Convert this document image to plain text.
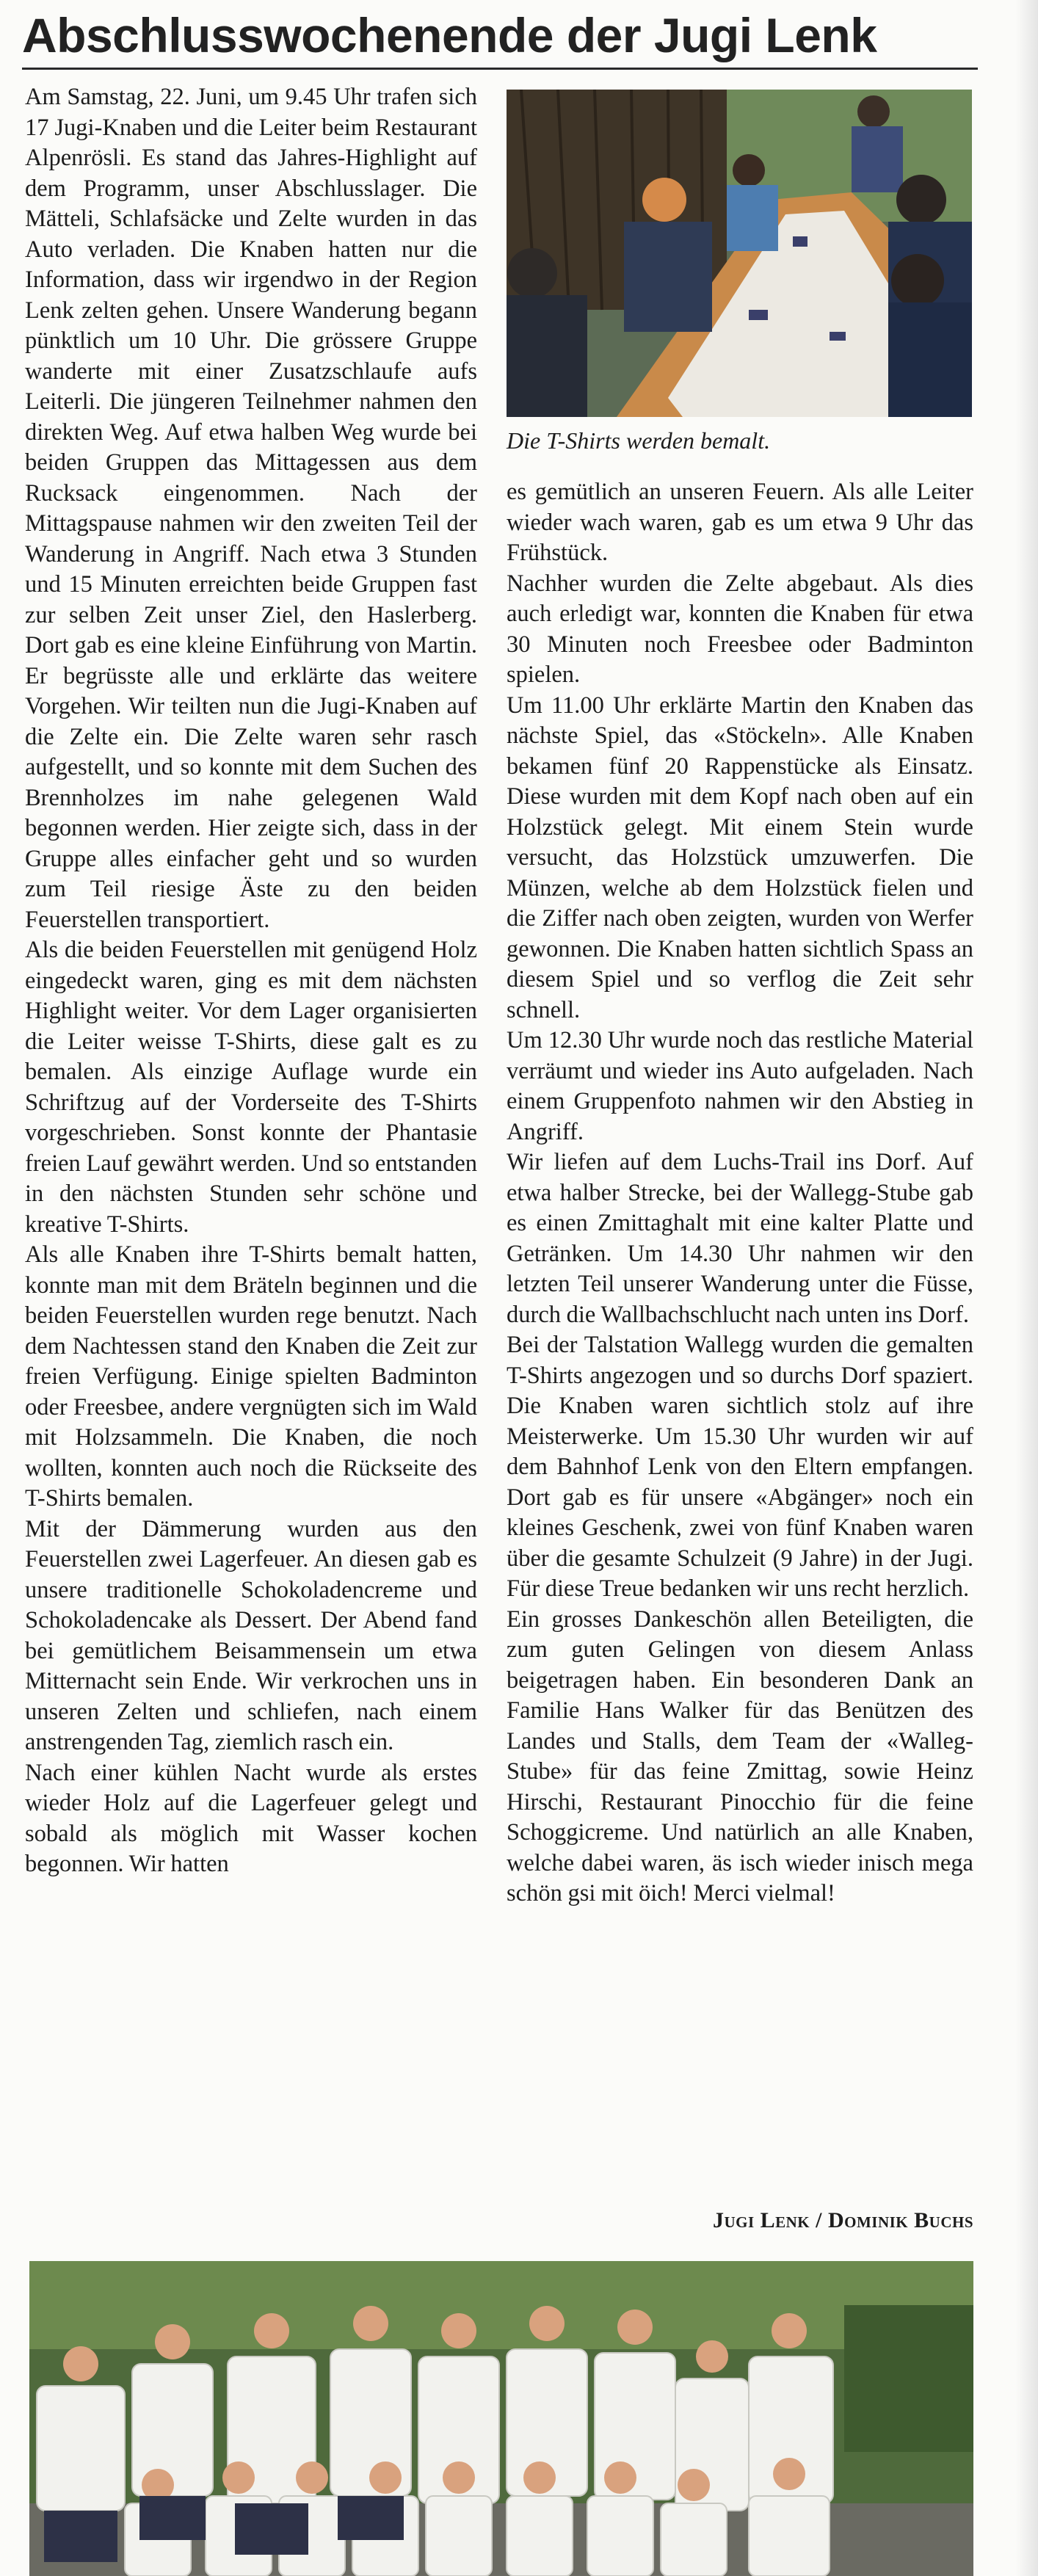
Abschlusswochenende der Jugi Lenk

Am Samstag, 22. Juni, um 9.45 Uhr trafen sich 17 Jugi-Knaben und die Leiter beim Restaurant Alpenrösli. Es stand das Jahres-Highlight auf dem Programm, unser Abschlusslager. Die Mätteli, Schlafsäcke und Zelte wurden in das Auto verladen. Die Knaben hatten nur die Information, dass wir irgendwo in der Region Lenk zelten gehen. Unsere Wanderung begann pünktlich um 10 Uhr. Die grössere Gruppe wanderte mit einer Zusatzschlaufe aufs Leiterli. Die jüngeren Teilnehmer nahmen den direkten Weg. Auf etwa halben Weg wurde bei beiden Gruppen das Mittagessen aus dem Rucksack eingenommen. Nach der Mittagspause nahmen wir den zweiten Teil der Wanderung in Angriff. Nach etwa 3 Stunden und 15 Minuten erreichten beide Gruppen fast zur selben Zeit unser Ziel, den Haslerberg. Dort gab es eine kleine Einführung von Martin. Er begrüsste alle und erklärte das weitere Vorgehen. Wir teilten nun die Jugi-Knaben auf die Zelte ein. Die Zelte waren sehr rasch aufgestellt, und so konnte mit dem Suchen des Brennholzes im nahe gelegenen Wald begonnen werden. Hier zeigte sich, dass in der Gruppe alles einfacher geht und so wurden zum Teil riesige Äste zu den beiden Feuerstellen transportiert.

Als die beiden Feuerstellen mit genügend Holz eingedeckt waren, ging es mit dem nächsten Highlight weiter. Vor dem Lager organisierten die Leiter weisse T-Shirts, diese galt es zu bemalen. Als einzige Auflage wurde ein Schriftzug auf der Vorderseite des T-Shirts vorgeschrieben. Sonst konnte der Phantasie freien Lauf gewährt werden. Und so entstanden in den nächsten Stunden sehr schöne und kreative T-Shirts.

Als alle Knaben ihre T-Shirts bemalt hatten, konnte man mit dem Bräteln beginnen und die beiden Feuerstellen wurden rege benutzt. Nach dem Nachtessen stand den Knaben die Zeit zur freien Verfügung. Einige spielten Badminton oder Freesbee, andere vergnügten sich im Wald mit Holzsammeln. Die Knaben, die noch wollten, konnten auch noch die Rückseite des T-Shirts bemalen.

Mit der Dämmerung wurden aus den Feuerstellen zwei Lagerfeuer. An diesen gab es unsere traditionelle Schokoladencreme und Schokoladencake als Dessert. Der Abend fand bei gemütlichem Beisammensein um etwa Mitternacht sein Ende. Wir verkrochen uns in unseren Zelten und schliefen, nach einem anstrengenden Tag, ziemlich rasch ein.

Nach einer kühlen Nacht wurde als erstes wieder Holz auf die Lagerfeuer gelegt und sobald als möglich mit Wasser kochen begonnen. Wir hatten

Die T-Shirts werden bemalt.

es gemütlich an unseren Feuern. Als alle Leiter wieder wach waren, gab es um etwa 9 Uhr das Frühstück.

Nachher wurden die Zelte abgebaut. Als dies auch erledigt war, konnten die Knaben für etwa 30 Minuten noch Freesbee oder Badminton spielen.

Um 11.00 Uhr erklärte Martin den Knaben das nächste Spiel, das «Stöckeln». Alle Knaben bekamen fünf 20 Rappenstücke als Einsatz. Diese wurden mit dem Kopf nach oben auf ein Holzstück gelegt. Mit einem Stein wurde versucht, das Holzstück umzuwerfen. Die Münzen, welche ab dem Holzstück fielen und die Ziffer nach oben zeigten, wurden von Werfer gewonnen. Die Knaben hatten sichtlich Spass an diesem Spiel und so verflog die Zeit sehr schnell.

Um 12.30 Uhr wurde noch das restliche Material verräumt und wieder ins Auto aufgeladen. Nach einem Gruppenfoto nahmen wir den Abstieg in Angriff.

Wir liefen auf dem Luchs-Trail ins Dorf. Auf etwa halber Strecke, bei der Wallegg-Stube gab es einen Zmittaghalt mit eine kalter Platte und Getränken. Um 14.30 Uhr nahmen wir den letzten Teil unserer Wanderung unter die Füsse, durch die Wallbachschlucht nach unten ins Dorf.

Bei der Talstation Wallegg wurden die gemalten T-Shirts angezogen und so durchs Dorf spaziert. Die Knaben waren sichtlich stolz auf ihre Meisterwerke. Um 15.30 Uhr wurden wir auf dem Bahnhof Lenk von den Eltern empfangen. Dort gab es für unsere «Abgänger» noch ein kleines Geschenk, zwei von fünf Knaben waren über die gesamte Schulzeit (9 Jahre) in der Jugi. Für diese Treue bedanken wir uns recht herzlich.

Ein grosses Dankeschön allen Beteiligten, die zum guten Gelingen von diesem Anlass beigetragen haben. Ein besonderen Dank an Familie Hans Walker für das Benützen des Landes und Stalls, dem Team der «Walleg-Stube» für das feine Zmittag, sowie Heinz Hirschi, Restaurant Pinocchio für die feine Schoggicreme. Und natürlich an alle Knaben, welche dabei waren, äs isch wieder inisch mega schön gsi mit öich! Merci vielmal!

Jugi Lenk / Dominik Buchs
